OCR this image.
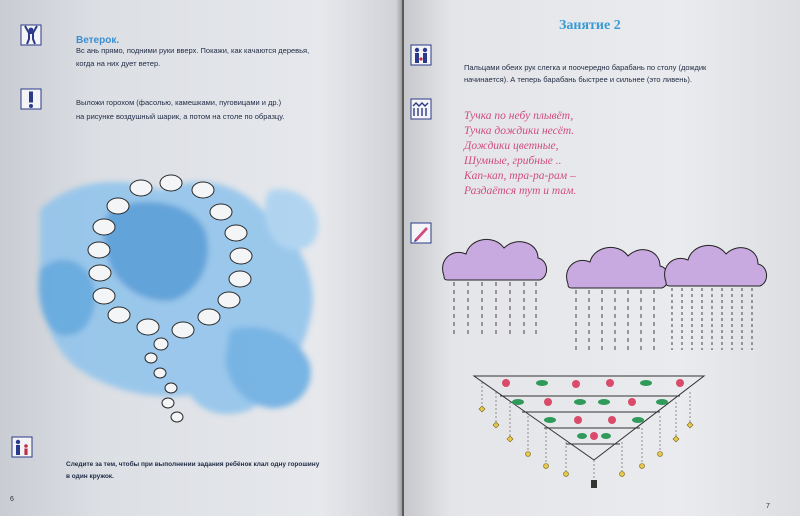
Ветерок.
Вс ань прямо, подними руки вверх. Покажи, как качаются деревья,
когда на них дует ветер.
Выложи горохом (фасолью, камешками, пуговицами и др.)
на рисунке воздушный шарик, а потом на столе по образцу.
Следите за тем, чтобы при выполнении задания ребёнок клал одну горошину
в один кружок.
6
7
Занятие 2
Пальцами обеих рук слегка и поочередно барабань по столу (дождик
начинается). А теперь барабань быстрее и сильнее (это ливень).
Тучка по небу плывёт,
Тучка дождики несёт.
Дождики цветные,
Шумные, грибные ..
Кап-кап, тра-ра-рам –
Раздаётся тут и там.
